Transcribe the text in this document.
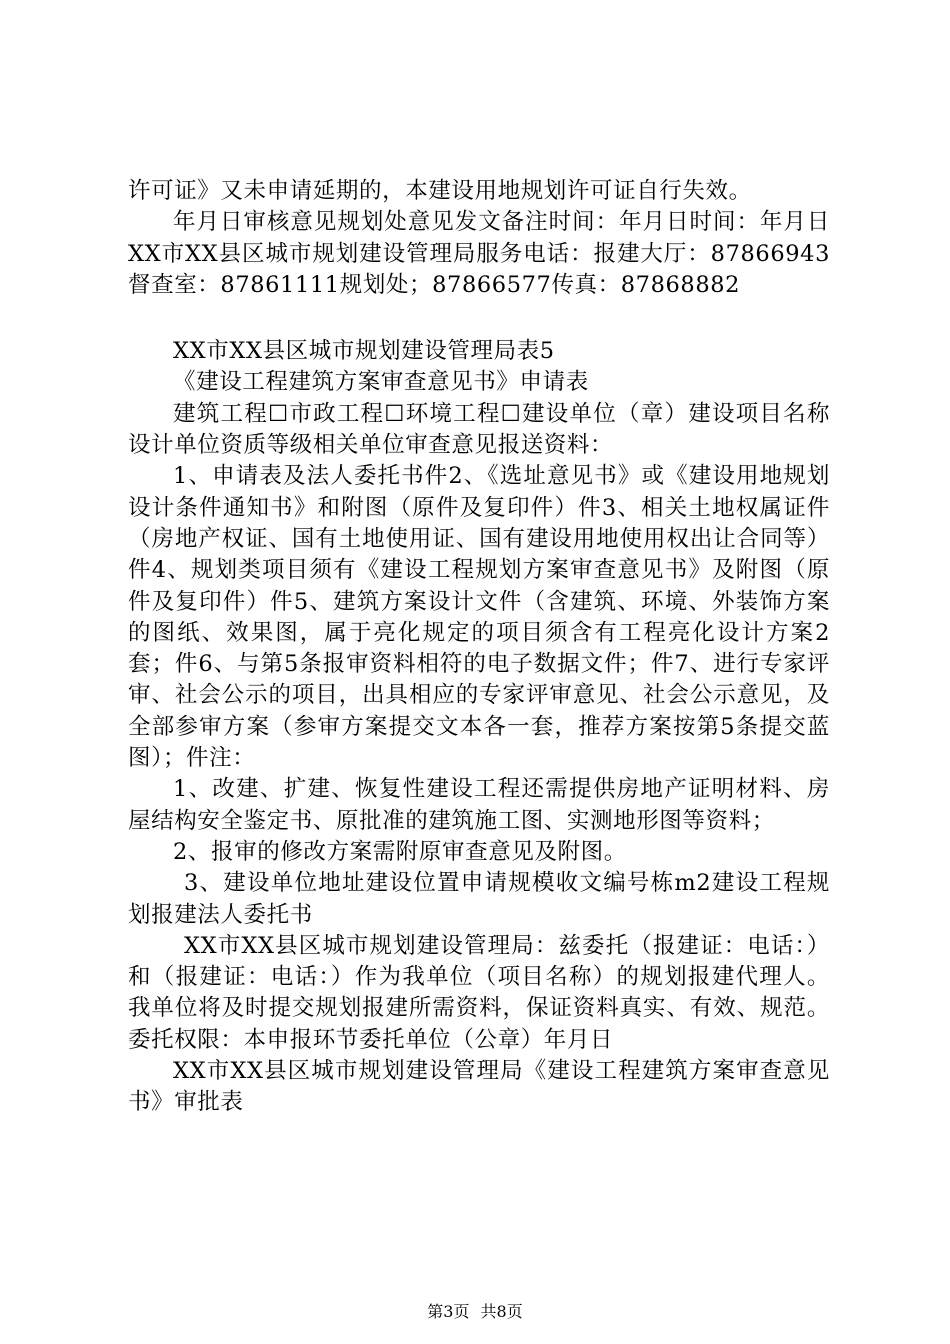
许可证》又未申请延期的，本建设用地规划许可证自行失效。

年月日审核意见规划处意见发文备注时间：年月日时间：年月日XX市XX县区城市规划建设管理局服务电话：报建大厅：87866943督查室：87861111规划处；87866577传真：87868882

XX市XX县区城市规划建设管理局表5

《建设工程建筑方案审查意见书》申请表

建筑工程☐市政工程☐环境工程☐建设单位（章）建设项目名称设计单位资质等级相关单位审查意见报送资料：

1、申请表及法人委托书件2、《选址意见书》或《建设用地规划设计条件通知书》和附图（原件及复印件）件3、相关土地权属证件（房地产权证、国有土地使用证、国有建设用地使用权出让合同等）件4、规划类项目须有《建设工程规划方案审查意见书》及附图（原件及复印件）件5、建筑方案设计文件（含建筑、环境、外装饰方案的图纸、效果图，属于亮化规定的项目须含有工程亮化设计方案2套；件6、与第5条报审资料相符的电子数据文件；件7、进行专家评审、社会公示的项目，出具相应的专家评审意见、社会公示意见，及全部参审方案（参审方案提交文本各一套，推荐方案按第5条提交蓝图）；件注：

1、改建、扩建、恢复性建设工程还需提供房地产证明材料、房屋结构安全鉴定书、原批准的建筑施工图、实测地形图等资料；

2、报审的修改方案需附原审查意见及附图。

3、建设单位地址建设位置申请规模收文编号栋m2建设工程规划报建法人委托书

XX市XX县区城市规划建设管理局：兹委托（报建证：电话：）和（报建证：电话：）作为我单位（项目名称）的规划报建代理人。我单位将及时提交规划报建所需资料，保证资料真实、有效、规范。委托权限：本申报环节委托单位（公章）年月日

XX市XX县区城市规划建设管理局《建设工程建筑方案审查意见书》审批表

第3页 共8页
